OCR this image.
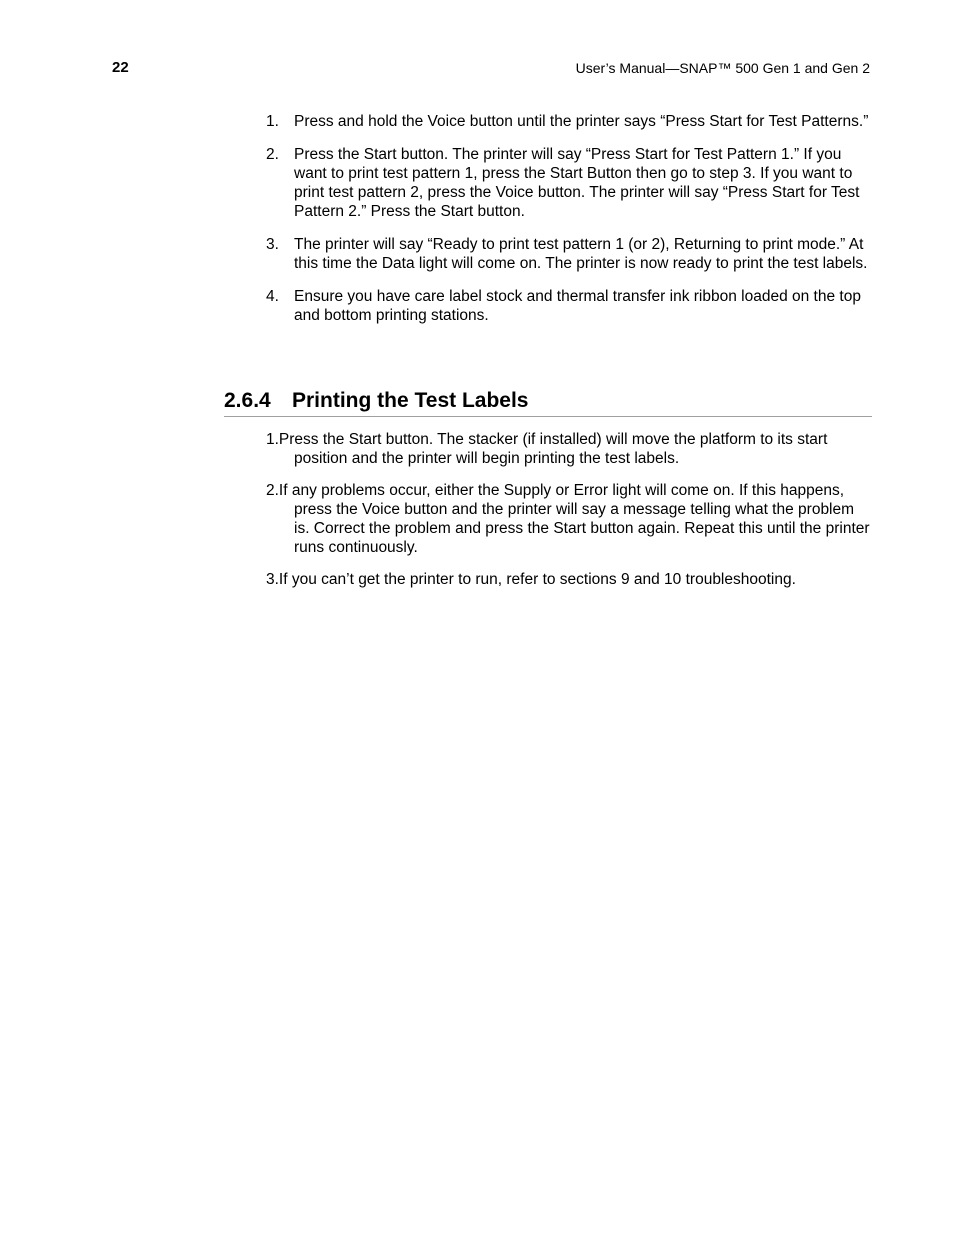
22	User’s Manual—SNAP™ 500 Gen 1 and Gen 2
1. Press and hold the Voice button until the printer says “Press Start for Test Patterns.”
2. Press the Start button. The printer will say “Press Start for Test Pattern 1.” If you want to print test pattern 1, press the Start Button then go to step 3. If you want to print test pattern 2, press the Voice button. The printer will say “Press Start for Test Pattern 2.” Press the Start button.
3. The printer will say “Ready to print test pattern 1 (or 2), Returning to print mode.” At this time the Data light will come on. The printer is now ready to print the test labels.
4. Ensure you have care label stock and thermal transfer ink ribbon loaded on the top and bottom printing stations.
2.6.4 Printing the Test Labels
1.Press the Start button. The stacker (if installed) will move the platform to its start position and the printer will begin printing the test labels.
2.If any problems occur, either the Supply or Error light will come on. If this happens, press the Voice button and the printer will say a message telling what the problem is. Correct the problem and press the Start button again. Repeat this until the printer runs continuously.
3.If you can’t get the printer to run, refer to sections 9 and 10 troubleshooting.
